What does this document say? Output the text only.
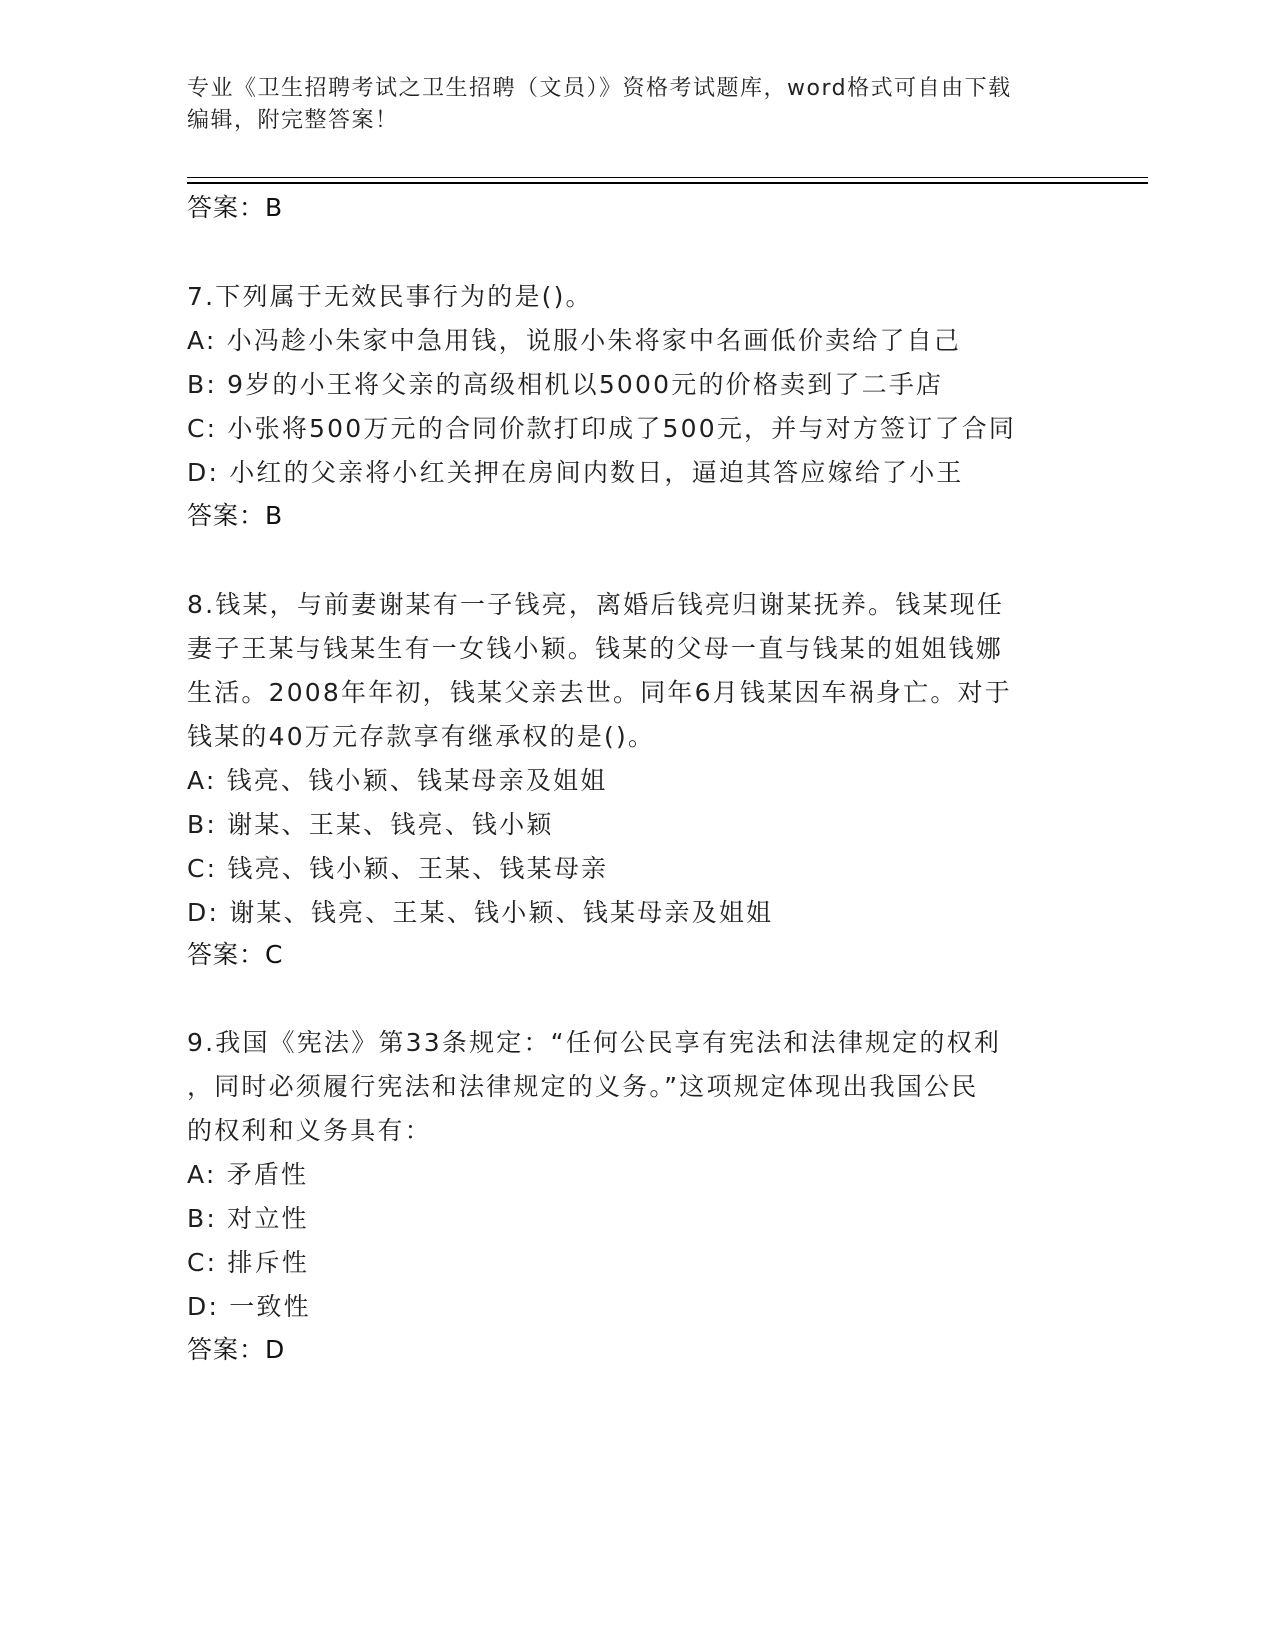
专业《卫生招聘考试之卫生招聘（文员）》资格考试题库，word格式可自由下载
编辑，附完整答案！
答案：B
7.下列属于无效民事行为的是()。
A: 小冯趁小朱家中急用钱，说服小朱将家中名画低价卖给了自己
B: 9岁的小王将父亲的高级相机以5000元的价格卖到了二手店
C: 小张将500万元的合同价款打印成了500元，并与对方签订了合同
D: 小红的父亲将小红关押在房间内数日，逼迫其答应嫁给了小王
答案：B
8.钱某，与前妻谢某有一子钱亮，离婚后钱亮归谢某抚养。钱某现任
妻子王某与钱某生有一女钱小颖。钱某的父母一直与钱某的姐姐钱娜
生活。2008年年初，钱某父亲去世。同年6月钱某因车祸身亡。对于
钱某的40万元存款享有继承权的是()。
A: 钱亮、钱小颖、钱某母亲及姐姐
B: 谢某、王某、钱亮、钱小颖
C: 钱亮、钱小颖、王某、钱某母亲
D: 谢某、钱亮、王某、钱小颖、钱某母亲及姐姐
答案：C
9.我国《宪法》第33条规定：“任何公民享有宪法和法律规定的权利
，同时必须履行宪法和法律规定的义务。”这项规定体现出我国公民
的权利和义务具有：
A: 矛盾性
B: 对立性
C: 排斥性
D: 一致性
答案：D
